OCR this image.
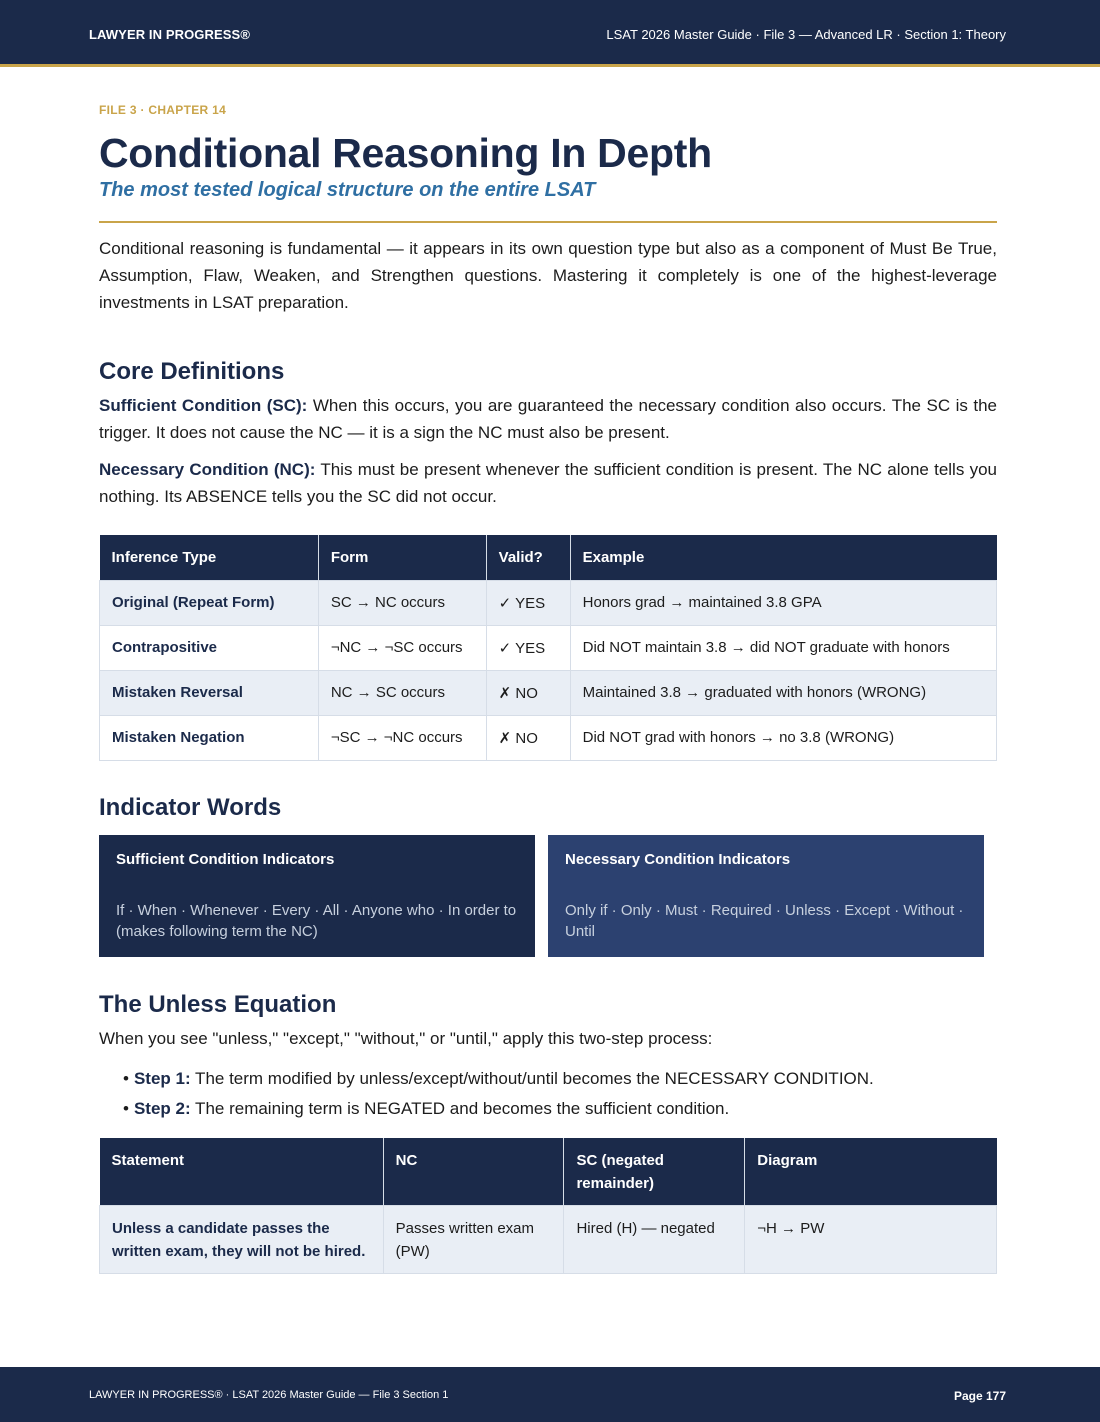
LAWYER IN PROGRESS®	LSAT 2026 Master Guide · File 3 — Advanced LR · Section 1: Theory
FILE 3 · CHAPTER 14
Conditional Reasoning In Depth
The most tested logical structure on the entire LSAT

Conditional reasoning is fundamental — it appears in its own question type but also as a component of Must Be True, Assumption, Flaw, Weaken, and Strengthen questions. Mastering it completely is one of the highest-leverage investments in LSAT preparation.

Core Definitions

Sufficient Condition (SC): When this occurs, you are guaranteed the necessary condition also occurs. The SC is the trigger. It does not cause the NC — it is a sign the NC must also be present.

Necessary Condition (NC): This must be present whenever the sufficient condition is present. The NC alone tells you nothing. Its ABSENCE tells you the SC did not occur.

Inference Type	Form	Valid?	Example
Original (Repeat Form)	SC → NC occurs	✓ YES	Honors grad → maintained 3.8 GPA
Contrapositive	¬NC → ¬SC occurs	✓ YES	Did NOT maintain 3.8 → did NOT graduate with honors
Mistaken Reversal	NC → SC occurs	✗ NO	Maintained 3.8 → graduated with honors (WRONG)
Mistaken Negation	¬SC → ¬NC occurs	✗ NO	Did NOT grad with honors → no 3.8 (WRONG)
Indicator Words
Sufficient Condition Indicators
If · When · Whenever · Every · All · Anyone who · In order to (makes following term the NC)
Necessary Condition Indicators
Only if · Only · Must · Required · Unless · Except · Without · Until
The Unless Equation

When you see "unless," "except," "without," or "until," apply this two-step process:

• Step 1: The term modified by unless/except/without/until becomes the NECESSARY CONDITION.
• Step 2: The remaining term is NEGATED and becomes the sufficient condition.
Statement	NC	SC (negated remainder)	Diagram
Unless a candidate passes the written exam, they will not be hired.	Passes written exam (PW)	Hired (H) — negated	¬H → PW
LAWYER IN PROGRESS® · LSAT 2026 Master Guide — File 3 Section 1	Page 177
